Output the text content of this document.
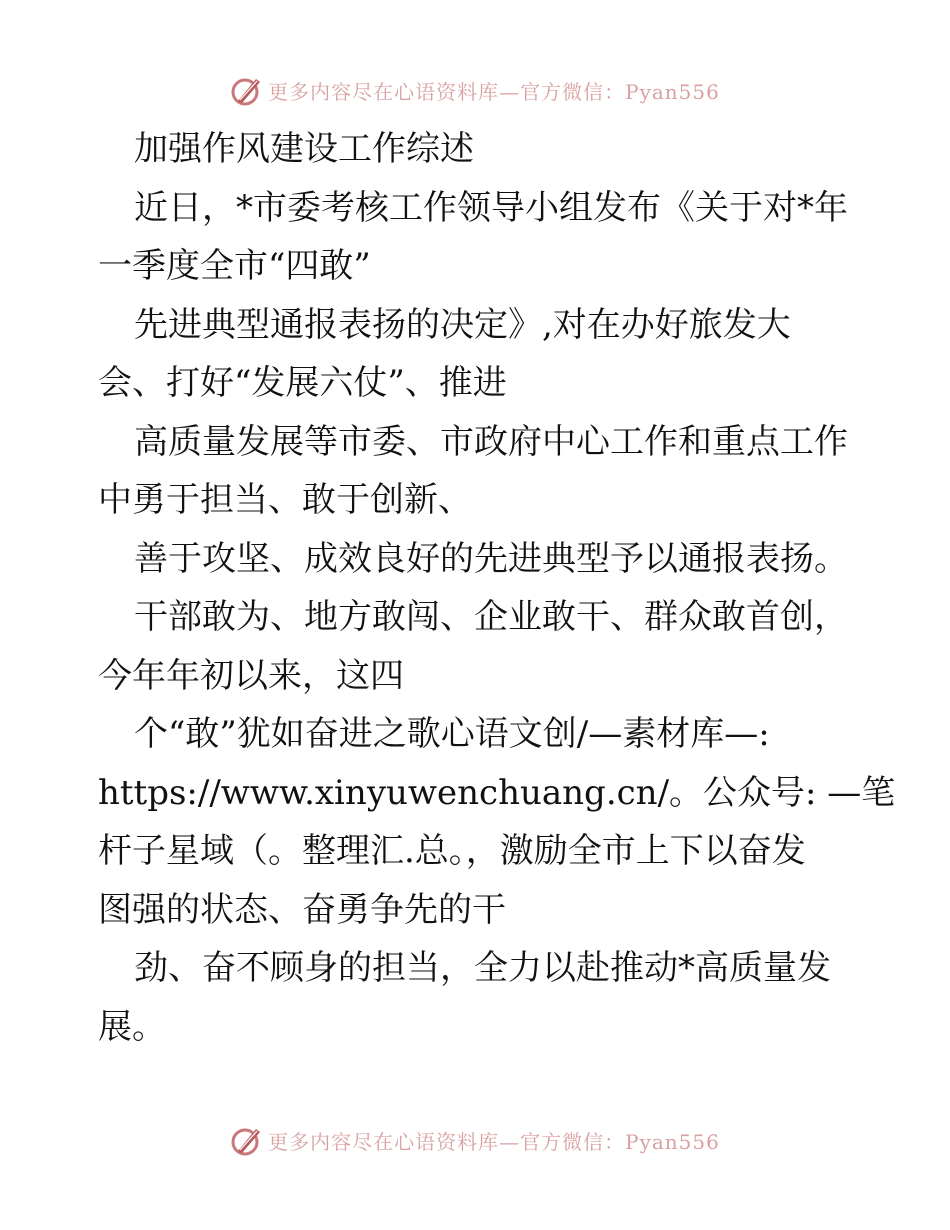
更多内容尽在心语资料库—官方微信：Pyan556
加强作风建设工作综述
近日，*市委考核工作领导小组发布《关于对*年
一季度全市“四敢”
先进典型通报表扬的决定》,对在办好旅发大
会、打好“发展六仗”、推进
高质量发展等市委、市政府中心工作和重点工作
中勇于担当、敢于创新、
善于攻坚、成效良好的先进典型予以通报表扬。
干部敢为、地方敢闯、企业敢干、群众敢首创，
今年年初以来，这四
个“敢”犹如奋进之歌心语文创/—素材库—:
https://www.xinyuwenchuang.cn/。公众号: —笔
杆子星域（。整理汇.总。，激励全市上下以奋发
图强的状态、奋勇争先的干
劲、奋不顾身的担当，全力以赴推动*高质量发
展。
更多内容尽在心语资料库—官方微信：Pyan556
